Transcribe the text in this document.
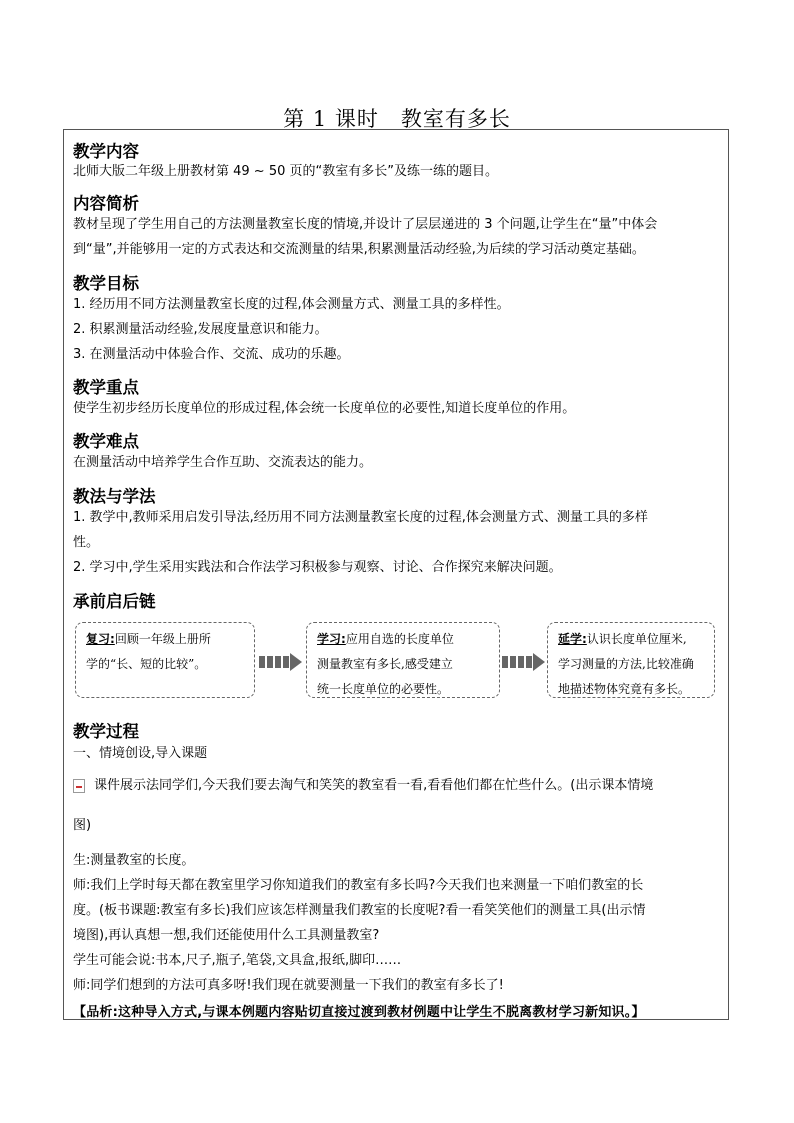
第 1 课时　教室有多长
教学内容
北师大版二年级上册教材第 49 ~ 50 页的“教室有多长”及练一练的题目。
内容简析
教材呈现了学生用自己的方法测量教室长度的情境,并设计了层层递进的 3 个问题,让学生在“量”中体会
到“量”,并能够用一定的方式表达和交流测量的结果,积累测量活动经验,为后续的学习活动奠定基础。
教学目标
1. 经历用不同方法测量教室长度的过程,体会测量方式、测量工具的多样性。
2. 积累测量活动经验,发展度量意识和能力。
3. 在测量活动中体验合作、交流、成功的乐趣。
教学重点
使学生初步经历长度单位的形成过程,体会统一长度单位的必要性,知道长度单位的作用。
教学难点
在测量活动中培养学生合作互助、交流表达的能力。
教法与学法
1. 教学中,教师采用启发引导法,经历用不同方法测量教室长度的过程,体会测量方式、测量工具的多样
性。
2. 学习中,学生采用实践法和合作法学习积极参与观察、讨论、合作探究来解决问题。
承前启后链
复习:回顾一年级上册所
学的“长、短的比较”。
学习:应用自选的长度单位
测量教室有多长,感受建立
统一长度单位的必要性。
延学:认识长度单位厘米,
学习测量的方法,比较准确
地描述物体究竟有多长。
教学过程
一、情境创设,导入课题
课件展示法同学们,今天我们要去淘气和笑笑的教室看一看,看看他们都在忙些什么。(出示课本情境
图)
生:测量教室的长度。
师:我们上学时每天都在教室里学习你知道我们的教室有多长吗?今天我们也来测量一下咱们教室的长
度。(板书课题:教室有多长)我们应该怎样测量我们教室的长度呢?看一看笑笑他们的测量工具(出示情
境图),再认真想一想,我们还能使用什么工具测量教室?
学生可能会说:书本,尺子,瓶子,笔袋,文具盒,报纸,脚印……
师:同学们想到的方法可真多呀!我们现在就要测量一下我们的教室有多长了!
【品析:这种导入方式,与课本例题内容贴切直接过渡到教材例题中让学生不脱离教材学习新知识。】
